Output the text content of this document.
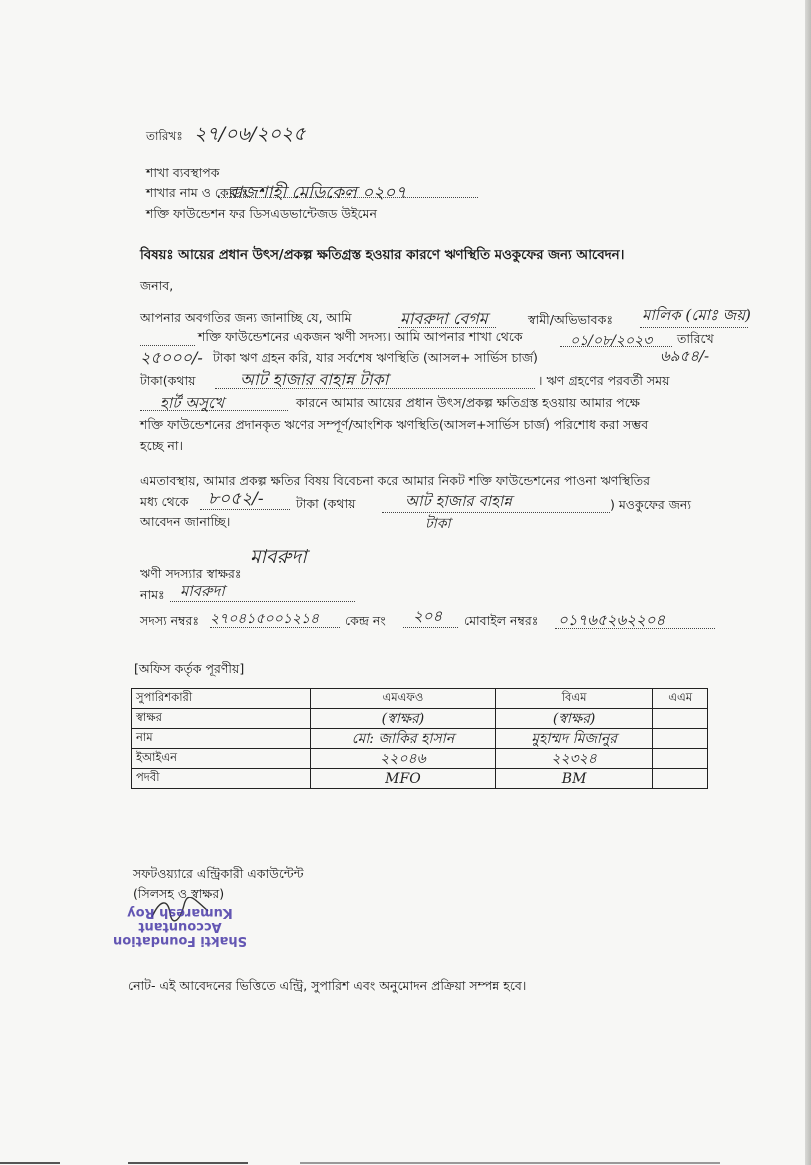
তারিখঃ ২৭/০৬/২০২৫
শাখা ব্যবস্থাপক
শাখার নাম ও কোডঃ
রাজশাহী মেডিকেল ০২০৭
শক্তি ফাউন্ডেশন ফর ডিসএডভান্টেজড উইমেন
বিষয়ঃ আয়ের প্রধান উৎস/প্রকল্প ক্ষতিগ্রস্ত হওয়ার কারণে ঋণস্থিতি মওকুফের জন্য আবেদন।
জনাব,
আপনার অবগতির জন্য জানাচ্ছি যে, আমি	মাবরুদা বেগম	স্বামী/অভিভাবকঃ মালিক (মোঃ জয়)
শক্তি ফাউন্ডেশনের একজন ঋণী সদস্য। আমি আপনার শাখা থেকে	০১/০৮/২০২৩ তারিখে
২৫০০০/- টাকা ঋণ গ্রহন করি, যার সর্বশেষ ঋণস্থিতি (আসল+ সার্ভিস চার্জ)	৬৯৫৪/-
টাকা(কথায়	আট হাজার বাহান্ন টাকা	। ঋণ গ্রহণের পরবর্তী সময়
হার্ট অসুখে	কারনে আমার আয়ের প্রধান উৎস/প্রকল্প ক্ষতিগ্রস্ত হওয়ায় আমার পক্ষে
শক্তি ফাউন্ডেশনের প্রদানকৃত ঋণের সম্পূর্ণ/আংশিক ঋণস্থিতি(আসল+সার্ভিস চার্জ) পরিশোধ করা সম্ভব
হচ্ছে না।
এমতাবস্থায়, আমার প্রকল্প ক্ষতির বিষয় বিবেচনা করে আমার নিকট শক্তি ফাউন্ডেশনের পাওনা ঋণস্থিতির
মধ্য থেকে ৮০৫২/-	টাকা (কথায়	আট হাজার বাহান্ন	) মওকুফের জন্য
টাকা
আবেদন জানাচ্ছি।
মাবরুদা
ঋণী সদস্যার স্বাক্ষরঃ
নামঃ মাবরুদা
সদস্য নম্বরঃ ২৭০৪১৫০০১২১৪ কেন্দ্র নং ২০৪ মোবাইল নম্বরঃ ০১৭৬৫২৬২২০৪
[অফিস কর্তৃক পূরণীয়]
সুপারিশকারী	এমএফও	বিএম	এএম
স্বাক্ষর	(স্বাক্ষর)	(স্বাক্ষর)	

নাম	মো: জাকির হাসান	মুহাম্মদ মিজানুর	

ইআইএন	২২০৪৬	২২৩২৪	

পদবী	MFO	BM	

সফটওয়্যারে এন্ট্রিকারী একাউন্টেন্ট
(সিলসহ ও স্বাক্ষর)
Shakti Foundation
Accountant
Kumaresh Roy
নোট- এই আবেদনের ভিত্তিতে এন্ট্রি, সুপারিশ এবং অনুমোদন প্রক্রিয়া সম্পন্ন হবে।
